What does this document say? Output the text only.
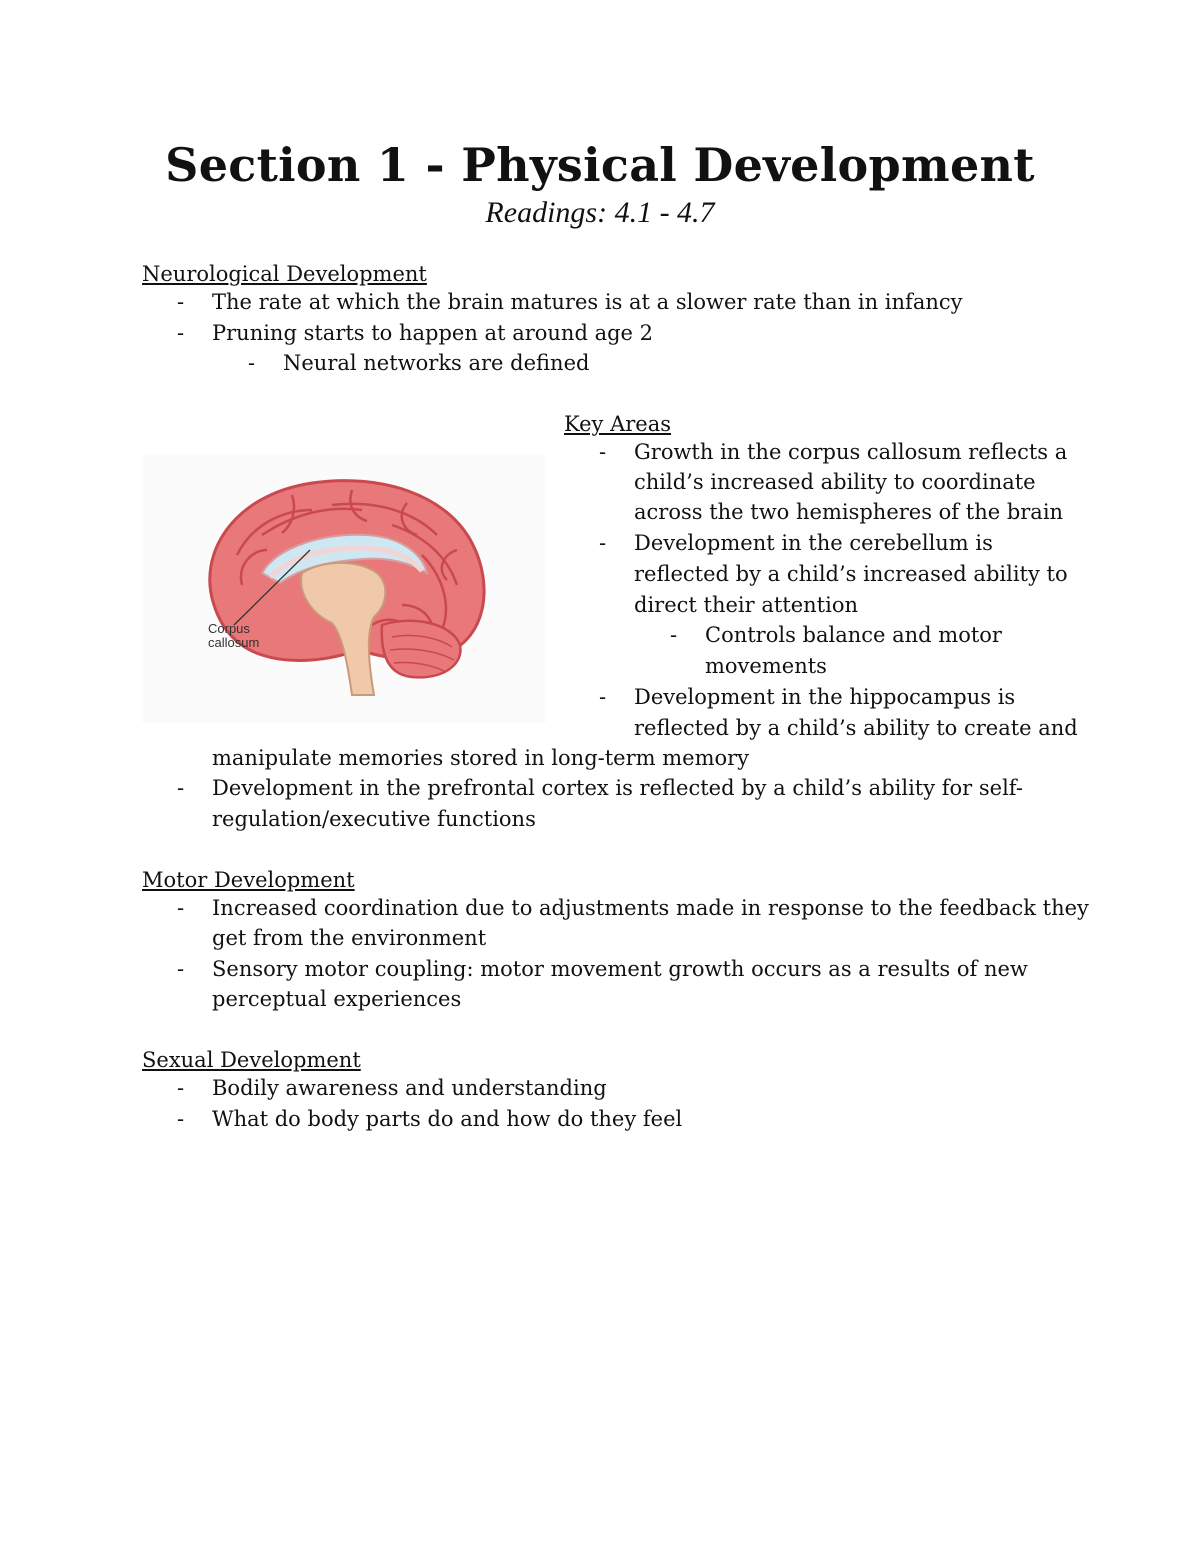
Section 1 - Physical Development
Readings: 4.1 - 4.7
Neurological Development
- The rate at which the brain matures is at a slower rate than in infancy
- Pruning starts to happen at around age 2
- Neural networks are defined
Key Areas
- Growth in the corpus callosum reflects a
child’s increased ability to coordinate
across the two hemispheres of the brain
- Development in the cerebellum is
reflected by a child’s increased ability to
direct their attention
- Controls balance and motor
movements
- Development in the hippocampus is
reflected by a child’s ability to create and
manipulate memories stored in long-term memory
- Development in the prefrontal cortex is reflected by a child’s ability for self-
regulation/executive functions
Corpus
callosum
Motor Development
- Increased coordination due to adjustments made in response to the feedback they
get from the environment
- Sensory motor coupling: motor movement growth occurs as a results of new
perceptual experiences
Sexual Development
- Bodily awareness and understanding
- What do body parts do and how do they feel
